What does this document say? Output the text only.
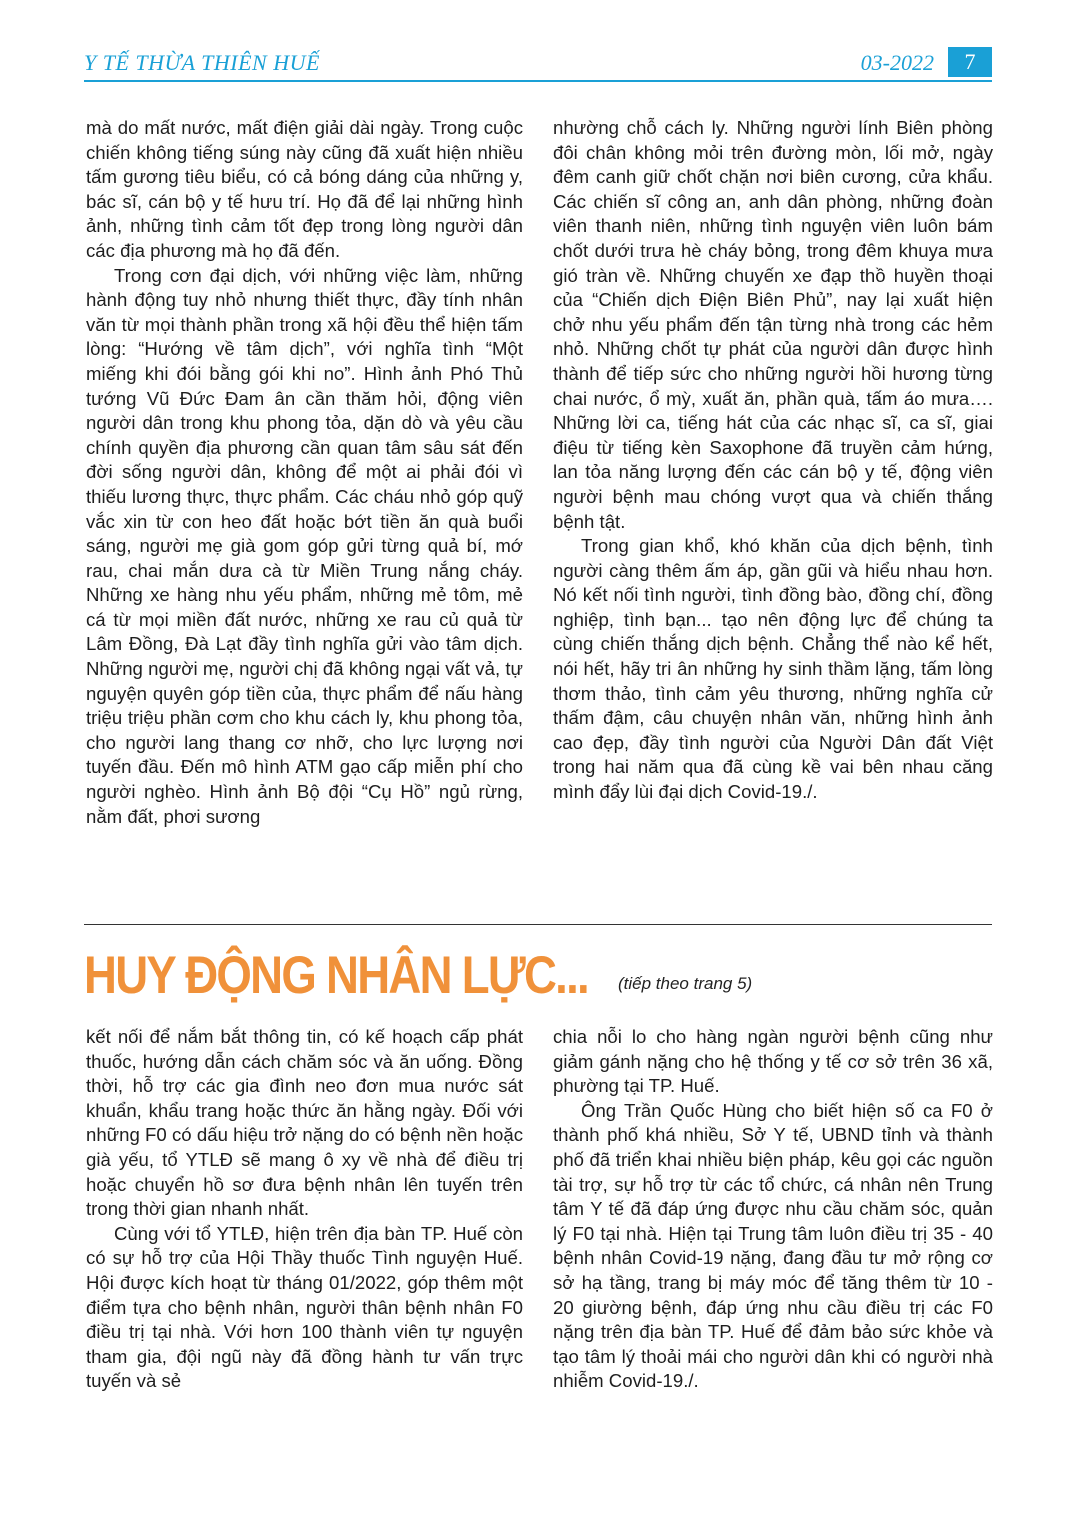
Y TẾ THỪA THIÊN HUẾ	03-2022	7

mà do mất nước, mất điện giải dài ngày. Trong cuộc chiến không tiếng súng này cũng đã xuất hiện nhiều tấm gương tiêu biểu, có cả bóng dáng của những y, bác sĩ, cán bộ y tế hưu trí. Họ đã để lại những hình ảnh, những tình cảm tốt đẹp trong lòng người dân các địa phương mà họ đã đến.

Trong cơn đại dịch, với những việc làm, những hành động tuy nhỏ nhưng thiết thực, đầy tính nhân văn từ mọi thành phần trong xã hội đều thể hiện tấm lòng: “Hướng về tâm dịch”, với nghĩa tình “Một miếng khi đói bằng gói khi no”. Hình ảnh Phó Thủ tướng Vũ Đức Đam ân cần thăm hỏi, động viên người dân trong khu phong tỏa, dặn dò và yêu cầu chính quyền địa phương cần quan tâm sâu sát đến đời sống người dân, không để một ai phải đói vì thiếu lương thực, thực phẩm. Các cháu nhỏ góp quỹ vắc xin từ con heo đất hoặc bớt tiền ăn quà buổi sáng, người mẹ già gom góp gửi từng quả bí, mớ rau, chai mắn dưa cà từ Miền Trung nắng cháy. Những xe hàng nhu yếu phẩm, những mẻ tôm, mẻ cá từ mọi miền đất nước, những xe rau củ quả từ Lâm Đồng, Đà Lạt đầy tình nghĩa gửi vào tâm dịch. Những người mẹ, người chị đã không ngại vất vả, tự nguyện quyên góp tiền của, thực phẩm để nấu hàng triệu triệu phần cơm cho khu cách ly, khu phong tỏa, cho người lang thang cơ nhỡ, cho lực lượng nơi tuyến đầu. Đến mô hình ATM gạo cấp miễn phí cho người nghèo. Hình ảnh Bộ đội “Cụ Hồ” ngủ rừng, nằm đất, phơi sương

nhường chỗ cách ly. Những người lính Biên phòng đôi chân không mỏi trên đường mòn, lối mở, ngày đêm canh giữ chốt chặn nơi biên cương, cửa khẩu. Các chiến sĩ công an, anh dân phòng, những đoàn viên thanh niên, những tình nguyện viên luôn bám chốt dưới trưa hè cháy bỏng, trong đêm khuya mưa gió tràn về. Những chuyến xe đạp thồ huyền thoại của “Chiến dịch Điện Biên Phủ”, nay lại xuất hiện chở nhu yếu phẩm đến tận từng nhà trong các hẻm nhỏ. Những chốt tự phát của người dân được hình thành để tiếp sức cho những người hồi hương từng chai nước, ổ mỳ, xuất ăn, phần quà, tấm áo mưa…. Những lời ca, tiếng hát của các nhạc sĩ, ca sĩ, giai điệu từ tiếng kèn Saxophone đã truyền cảm hứng, lan tỏa năng lượng đến các cán bộ y tế, động viên người bệnh mau chóng vượt qua và chiến thắng bệnh tật.

Trong gian khổ, khó khăn của dịch bệnh, tình người càng thêm ấm áp, gần gũi và hiểu nhau hơn. Nó kết nối tình người, tình đồng bào, đồng chí, đồng nghiệp, tình bạn... tạo nên động lực để chúng ta cùng chiến thắng dịch bệnh. Chẳng thể nào kể hết, nói hết, hãy tri ân những hy sinh thầm lặng, tấm lòng thơm thảo, tình cảm yêu thương, những nghĩa cử thấm đậm, câu chuyện nhân văn, những hình ảnh cao đẹp, đầy tình người của Người Dân đất Việt trong hai năm qua đã cùng kề vai bên nhau căng mình đẩy lùi đại dịch Covid-19./.

HUY ĐỘNG NHÂN LỰC... (tiếp theo trang 5)

kết nối để nắm bắt thông tin, có kế hoạch cấp phát thuốc, hướng dẫn cách chăm sóc và ăn uống. Đồng thời, hỗ trợ các gia đình neo đơn mua nước sát khuẩn, khẩu trang hoặc thức ăn hằng ngày. Đối với những F0 có dấu hiệu trở nặng do có bệnh nền hoặc già yếu, tổ YTLĐ sẽ mang ô xy về nhà để điều trị hoặc chuyển hồ sơ đưa bệnh nhân lên tuyến trên trong thời gian nhanh nhất.

Cùng với tổ YTLĐ, hiện trên địa bàn TP. Huế còn có sự hỗ trợ của Hội Thầy thuốc Tình nguyện Huế. Hội được kích hoạt từ tháng 01/2022, góp thêm một điểm tựa cho bệnh nhân, người thân bệnh nhân F0 điều trị tại nhà. Với hơn 100 thành viên tự nguyện tham gia, đội ngũ này đã đồng hành tư vấn trực tuyến và sẻ

chia nỗi lo cho hàng ngàn người bệnh cũng như giảm gánh nặng cho hệ thống y tế cơ sở trên 36 xã, phường tại TP. Huế.

Ông Trần Quốc Hùng cho biết hiện số ca F0 ở thành phố khá nhiều, Sở Y tế, UBND tỉnh và thành phố đã triển khai nhiều biện pháp, kêu gọi các nguồn tài trợ, sự hỗ trợ từ các tổ chức, cá nhân nên Trung tâm Y tế đã đáp ứng được nhu cầu chăm sóc, quản lý F0 tại nhà. Hiện tại Trung tâm luôn điều trị 35 - 40 bệnh nhân Covid-19 nặng, đang đầu tư mở rộng cơ sở hạ tầng, trang bị máy móc để tăng thêm từ 10 - 20 giường bệnh, đáp ứng nhu cầu điều trị các F0 nặng trên địa bàn TP. Huế để đảm bảo sức khỏe và tạo tâm lý thoải mái cho người dân khi có người nhà nhiễm Covid-19./.
